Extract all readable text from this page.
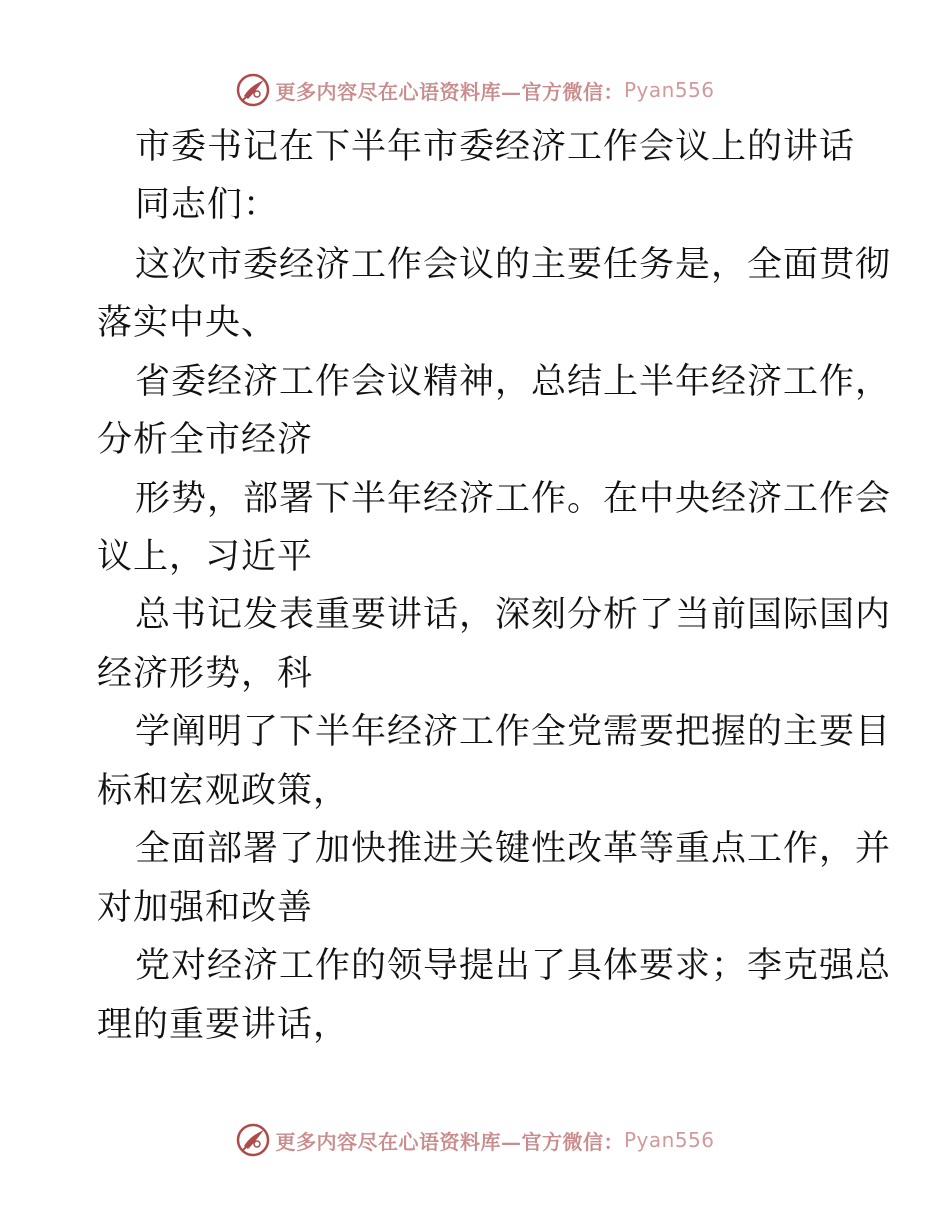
更多内容尽在心语资料库—官方微信： Pyan556
市委书记在下半年市委经济工作会议上的讲话
同志们：
这次市委经济工作会议的主要任务是，全面贯彻
落实中央、
省委经济工作会议精神，总结上半年经济工作，
分析全市经济
形势，部署下半年经济工作。在中央经济工作会
议上，习近平
总书记发表重要讲话，深刻分析了当前国际国内
经济形势，科
学阐明了下半年经济工作全党需要把握的主要目
标和宏观政策，
全面部署了加快推进关键性改革等重点工作，并
对加强和改善
党对经济工作的领导提出了具体要求；李克强总
理的重要讲话，
更多内容尽在心语资料库—官方微信： Pyan556
